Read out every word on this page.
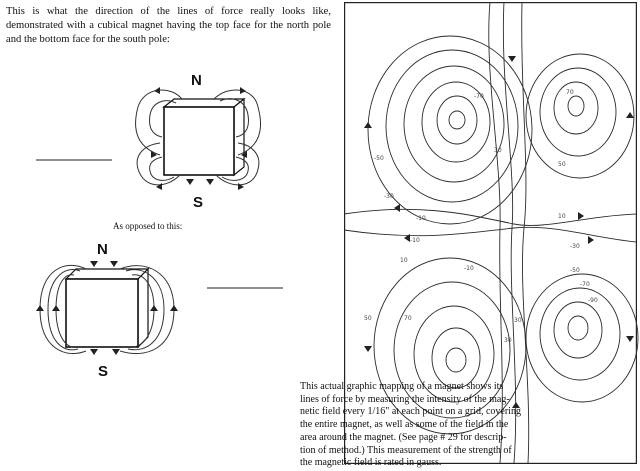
This is what the direction of the lines of force really looks like, demonstrated with a cubical magnet having the top face for the north pole and the bottom face for the south pole:

N
S

As opposed to this:

N
S
-70
-50
-30
-10
70
50
30
10
-10
-30
-50
-70
-90
50	70
30
10
-10
30
This actual graphic mapping of a magnet shows its
lines of force by measuring the intensity of the mag-
netic field every 1/16" at each point on a grid, covering
the entire magnet, as well as some of the field in the
area around the magnet. (See page # 29 for descrip-
tion of method.) This measurement of the strength of
the magnetic field is rated in gauss.
